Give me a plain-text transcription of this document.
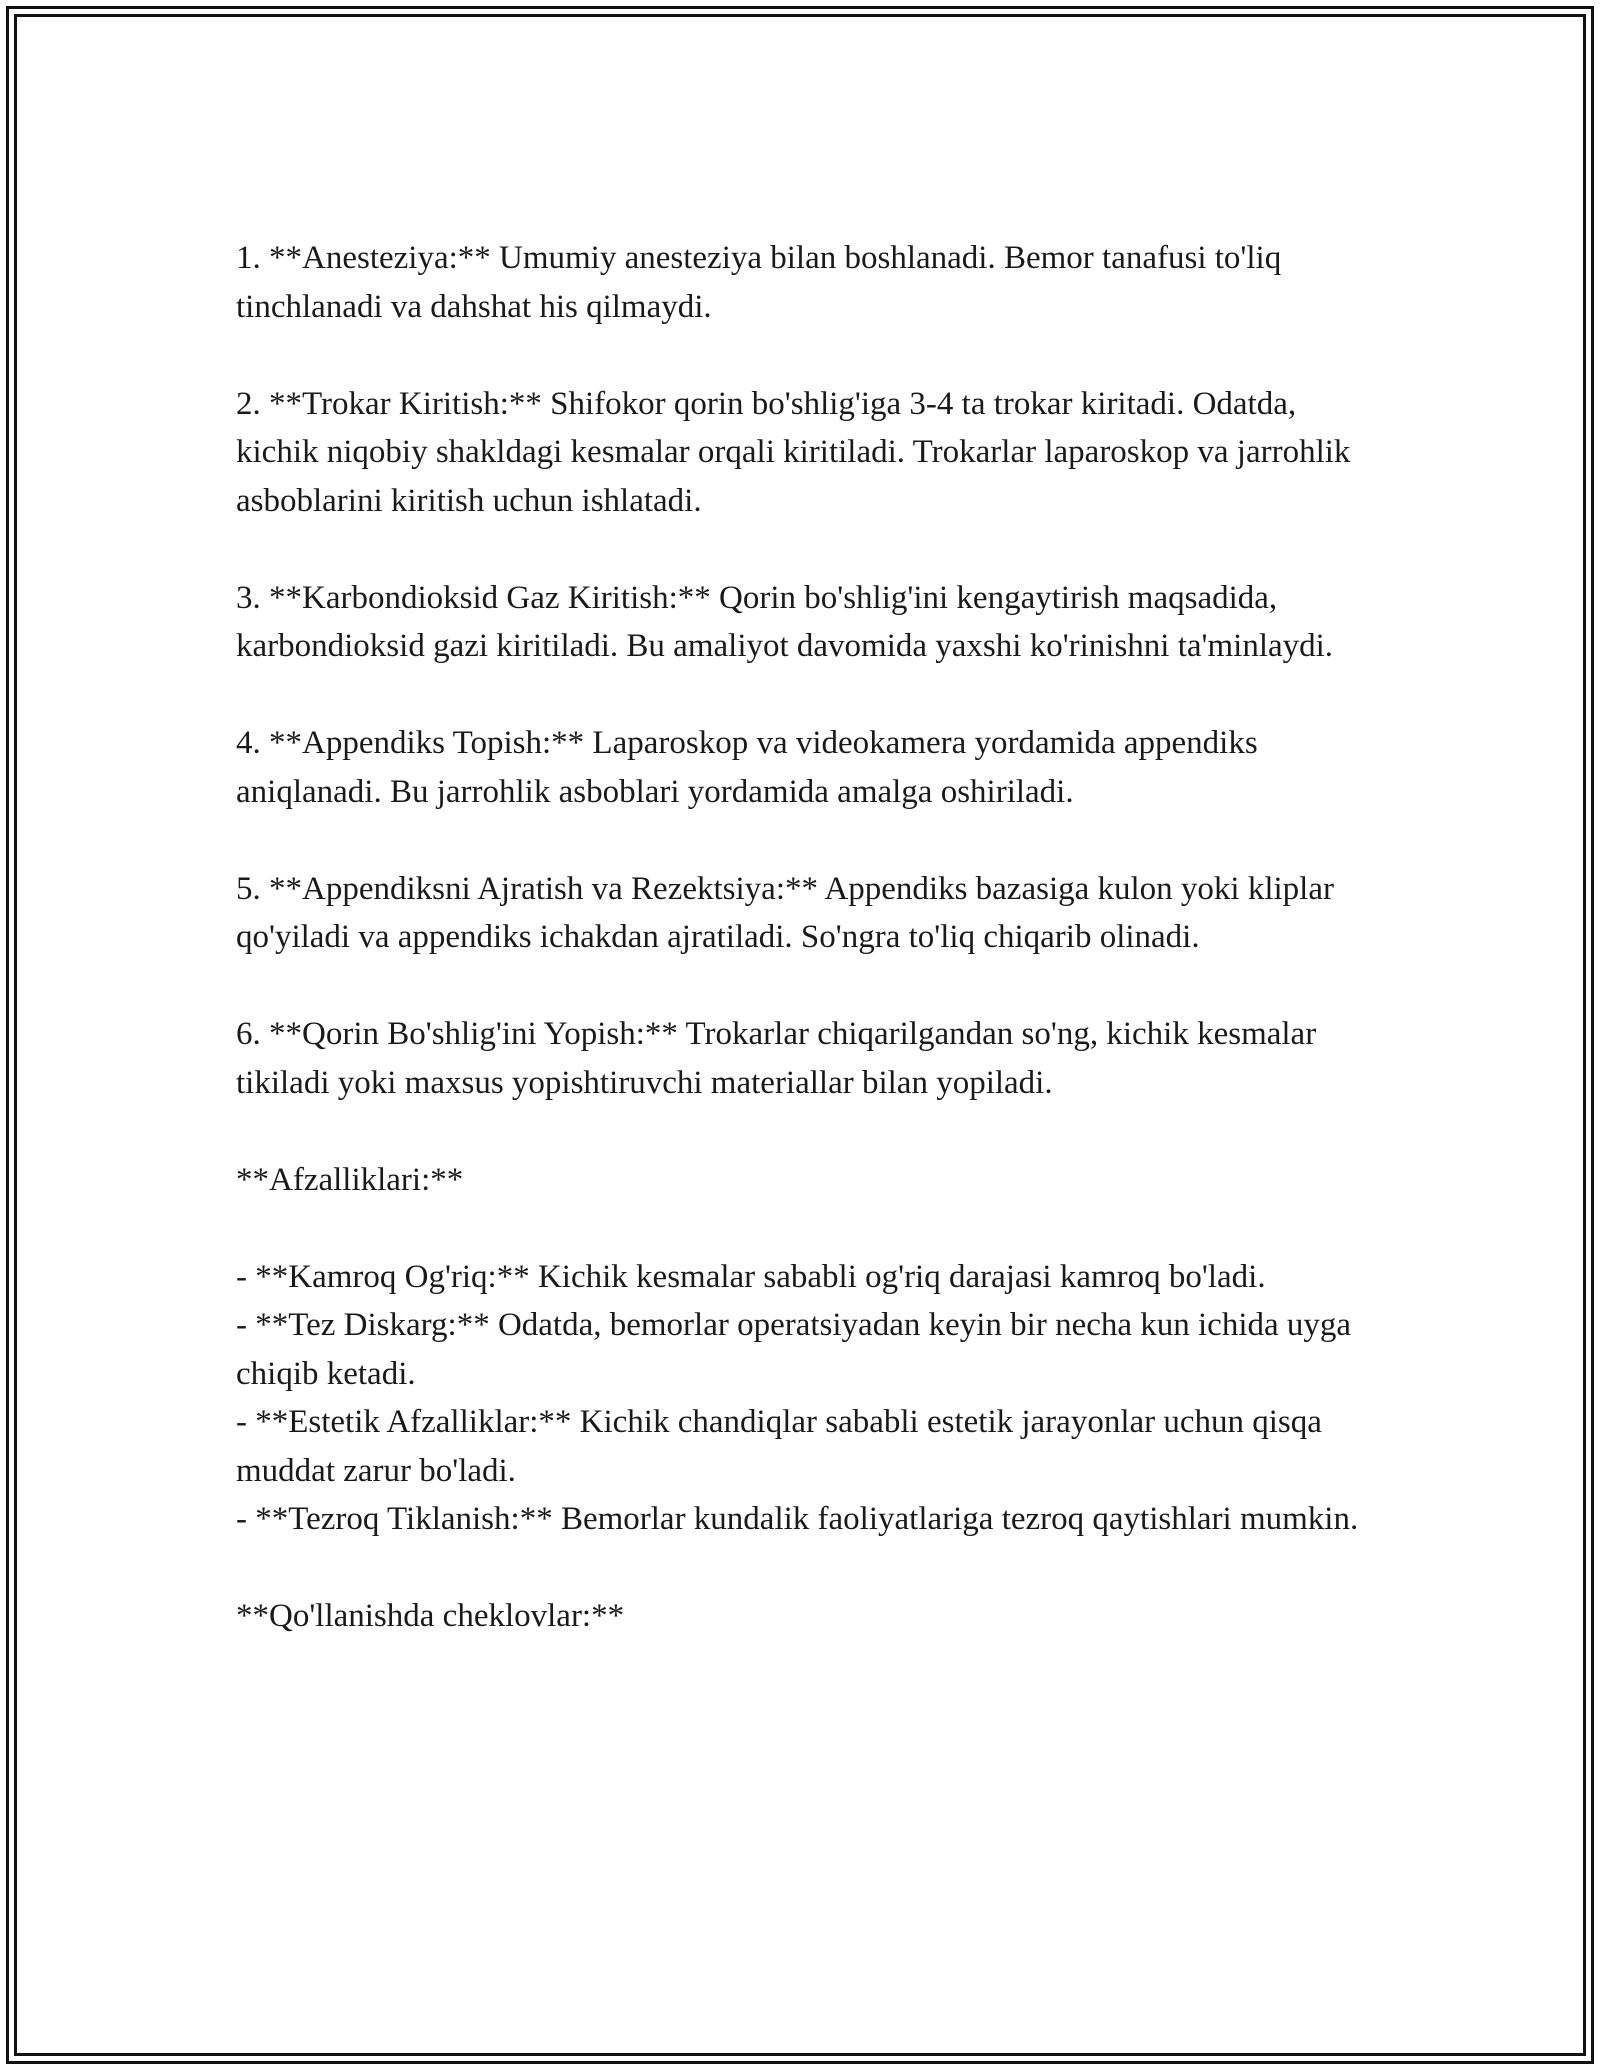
1. **Anesteziya:** Umumiy anesteziya bilan boshlanadi. Bemor tanafusi to'liq tinchlanadi va dahshat his qilmaydi.

2. **Trokar Kiritish:** Shifokor qorin bo'shlig'iga 3-4 ta trokar kiritadi. Odatda, kichik niqobiy shakldagi kesmalar orqali kiritiladi. Trokarlar laparoskop va jarrohlik asboblarini kiritish uchun ishlatadi.

3. **Karbondioksid Gaz Kiritish:** Qorin bo'shlig'ini kengaytirish maqsadida, karbondioksid gazi kiritiladi. Bu amaliyot davomida yaxshi ko'rinishni ta'minlaydi.

4. **Appendiks Topish:** Laparoskop va videokamera yordamida appendiks aniqlanadi. Bu jarrohlik asboblari yordamida amalga oshiriladi.

5. **Appendiksni Ajratish va Rezektsiya:** Appendiks bazasiga kulon yoki kliplar qo'yiladi va appendiks ichakdan ajratiladi. So'ngra to'liq chiqarib olinadi.

6. **Qorin Bo'shlig'ini Yopish:** Trokarlar chiqarilgandan so'ng, kichik kesmalar tikiladi yoki maxsus yopishtiruvchi materiallar bilan yopiladi.

**Afzalliklari:**

- **Kamroq Og'riq:** Kichik kesmalar sababli og'riq darajasi kamroq bo'ladi.

- **Tez Diskarg:** Odatda, bemorlar operatsiyadan keyin bir necha kun ichida uyga chiqib ketadi.

- **Estetik Afzalliklar:** Kichik chandiqlar sababli estetik jarayonlar uchun qisqa muddat zarur bo'ladi.

- **Tezroq Tiklanish:** Bemorlar kundalik faoliyatlariga tezroq qaytishlari mumkin.

**Qo'llanishda cheklovlar:**
